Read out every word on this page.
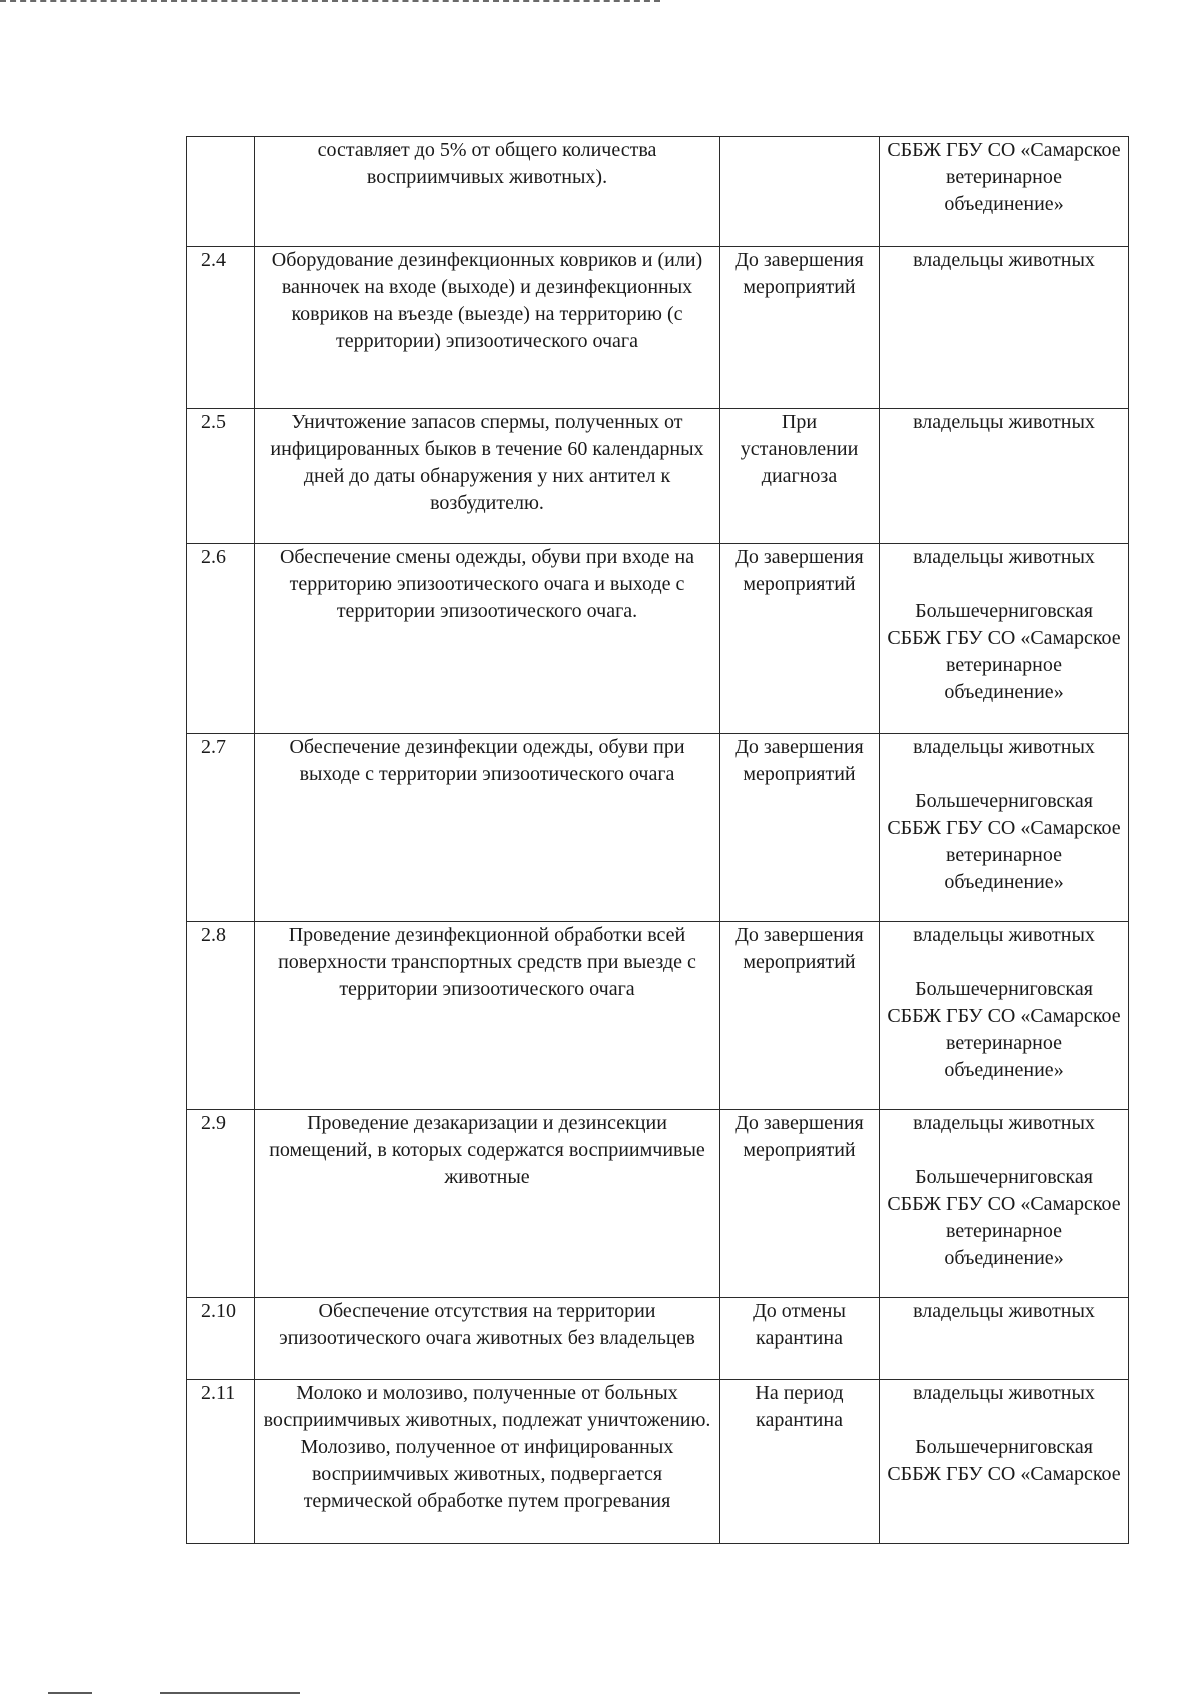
	составляет до 5% от общего количества восприимчивых животных).		СББЖ ГБУ СО «Самарское ветеринарное объединение»

2.4	Оборудование дезинфекционных ковриков и (или) ванночек на входе (выходе) и дезинфекционных ковриков на въезде (выезде) на территорию (с территории) эпизоотического очага	До завершения мероприятий	владельцы животных

2.5	Уничтожение запасов спермы, полученных от инфицированных быков в течение 60 календарных дней до даты обнаружения у них антител к возбудителю.	При установлении диагноза	владельцы животных

2.6	Обеспечение смены одежды, обуви при входе на территорию эпизоотического очага и выходе с территории эпизоотического очага.	До завершения мероприятий	владельцы животных
Большечерниговская СББЖ ГБУ СО «Самарское ветеринарное объединение»

2.7	Обеспечение дезинфекции одежды, обуви при выходе с территории эпизоотического очага	До завершения мероприятий	владельцы животных
Большечерниговская СББЖ ГБУ СО «Самарское ветеринарное объединение»

2.8	Проведение дезинфекционной обработки всей поверхности транспортных средств при выезде с территории эпизоотического очага	До завершения мероприятий	владельцы животных
Большечерниговская СББЖ ГБУ СО «Самарское ветеринарное объединение»

2.9	Проведение дезакаризации и дезинсекции помещений, в которых содержатся восприимчивые животные	До завершения мероприятий	владельцы животных
Большечерниговская СББЖ ГБУ СО «Самарское ветеринарное объединение»

2.10	Обеспечение отсутствия на территории эпизоотического очага животных без владельцев	До отмены карантина	владельцы животных

2.11	Молоко и молозиво, полученные от больных восприимчивых животных, подлежат уничтожению. Молозиво, полученное от инфицированных восприимчивых животных, подвергается термической обработке путем прогревания	На период карантина	владельцы животных
Большечерниговская СББЖ ГБУ СО «Самарское
